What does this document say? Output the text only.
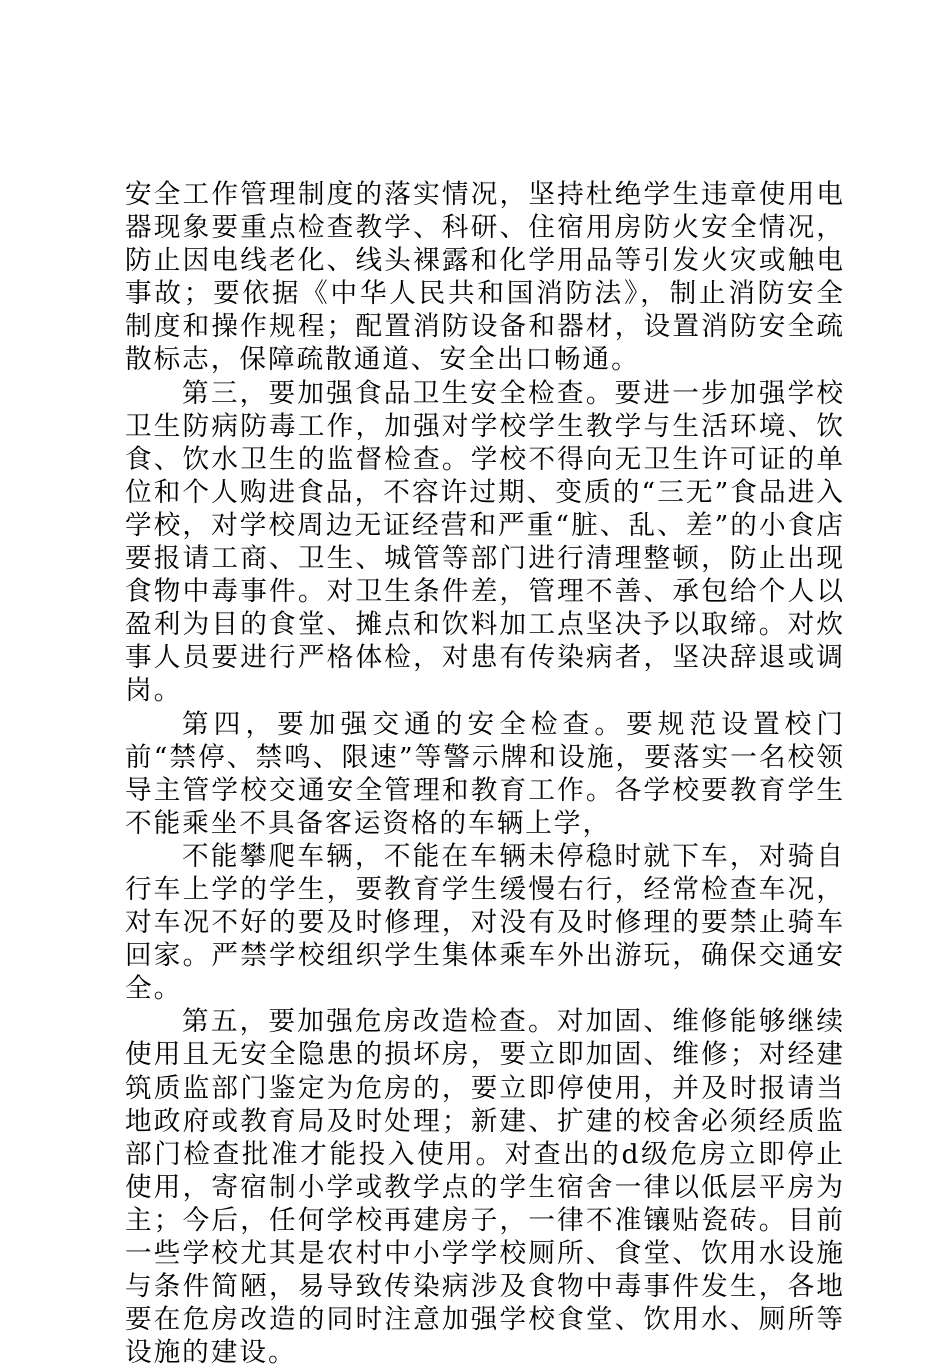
安全工作管理制度的落实情况，坚持杜绝学生违章使用电器现象要重点检查教学、科研、住宿用房防火安全情况，防止因电线老化、线头裸露和化学用品等引发火灾或触电事故；要依据《中华人民共和国消防法》，制止消防安全制度和操作规程；配置消防设备和器材，设置消防安全疏散标志，保障疏散通道、安全出口畅通。

第三，要加强食品卫生安全检查。要进一步加强学校卫生防病防毒工作，加强对学校学生教学与生活环境、饮食、饮水卫生的监督检查。学校不得向无卫生许可证的单位和个人购进食品，不容许过期、变质的“三无”食品进入学校，对学校周边无证经营和严重“脏、乱、差”的小食店要报请工商、卫生、城管等部门进行清理整顿，防止出现食物中毒事件。对卫生条件差，管理不善、承包给个人以盈利为目的食堂、摊点和饮料加工点坚决予以取缔。对炊事人员要进行严格体检，对患有传染病者，坚决辞退或调岗。

第四，要加强交通的安全检查。要规范设置校门前“禁停、禁鸣、限速”等警示牌和设施，要落实一名校领导主管学校交通安全管理和教育工作。各学校要教育学生不能乘坐不具备客运资格的车辆上学，

不能攀爬车辆，不能在车辆未停稳时就下车，对骑自行车上学的学生，要教育学生缓慢右行，经常检查车况，对车况不好的要及时修理，对没有及时修理的要禁止骑车回家。严禁学校组织学生集体乘车外出游玩，确保交通安全。

第五，要加强危房改造检查。对加固、维修能够继续使用且无安全隐患的损坏房，要立即加固、维修；对经建筑质监部门鉴定为危房的，要立即停使用，并及时报请当地政府或教育局及时处理；新建、扩建的校舍必须经质监部门检查批准才能投入使用。对查出的d级危房立即停止使用，寄宿制小学或教学点的学生宿舍一律以低层平房为主；今后，任何学校再建房子，一律不准镶贴瓷砖。目前一些学校尤其是农村中小学学校厕所、食堂、饮用水设施与条件简陋，易导致传染病涉及食物中毒事件发生，各地要在危房改造的同时注意加强学校食堂、饮用水、厕所等设施的建设。
